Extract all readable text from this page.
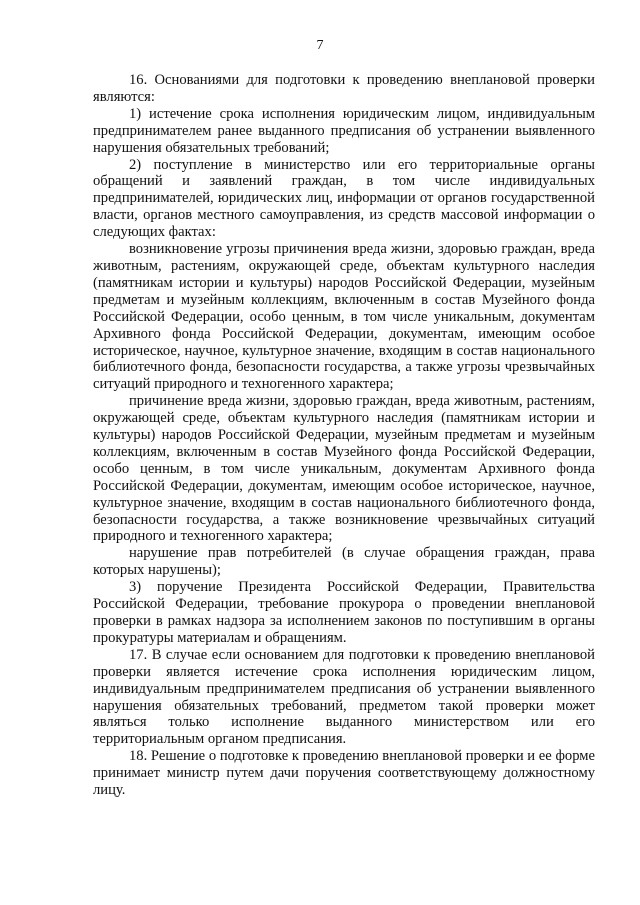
7

16. Основаниями для подготовки к проведению внеплановой проверки являются:

1) истечение срока исполнения юридическим лицом, индивидуальным предпринимателем ранее выданного предписания об устранении выявленного нарушения обязательных требований;

2) поступление в министерство или его территориальные органы обращений и заявлений граждан, в том числе индивидуальных предпринимателей, юридических лиц, информации от органов государственной власти, органов местного самоуправления, из средств массовой информации о следующих фактах:

возникновение угрозы причинения вреда жизни, здоровью граждан, вреда животным, растениям, окружающей среде, объектам культурного наследия (памятникам истории и культуры) народов Российской Федерации, музейным предметам и музейным коллекциям, включенным в состав Музейного фонда Российской Федерации, особо ценным, в том числе уникальным, документам Архивного фонда Российской Федерации, документам, имеющим особое историческое, научное, культурное значение, входящим в состав национального библиотечного фонда, безопасности государства, а также угрозы чрезвычайных ситуаций природного и техногенного характера;

причинение вреда жизни, здоровью граждан, вреда животным, растениям, окружающей среде, объектам культурного наследия (памятникам истории и культуры) народов Российской Федерации, музейным предметам и музейным коллекциям, включенным в состав Музейного фонда Российской Федерации, особо ценным, в том числе уникальным, документам Архивного фонда Российской Федерации, документам, имеющим особое историческое, научное, культурное значение, входящим в состав национального библиотечного фонда, безопасности государства, а также возникновение чрезвычайных ситуаций природного и техногенного характера;

нарушение прав потребителей (в случае обращения граждан, права которых нарушены);

3) поручение Президента Российской Федерации, Правительства Российской Федерации, требование прокурора о проведении внеплановой проверки в рамках надзора за исполнением законов по поступившим в органы прокуратуры материалам и обращениям.

17. В случае если основанием для подготовки к проведению внеплановой проверки является истечение срока исполнения юридическим лицом, индивидуальным предпринимателем предписания об устранении выявленного нарушения обязательных требований, предметом такой проверки может являться только исполнение выданного министерством или его территориальным органом предписания.

18. Решение о подготовке к проведению внеплановой проверки и ее форме принимает министр путем дачи поручения соответствующему должностному лицу.
